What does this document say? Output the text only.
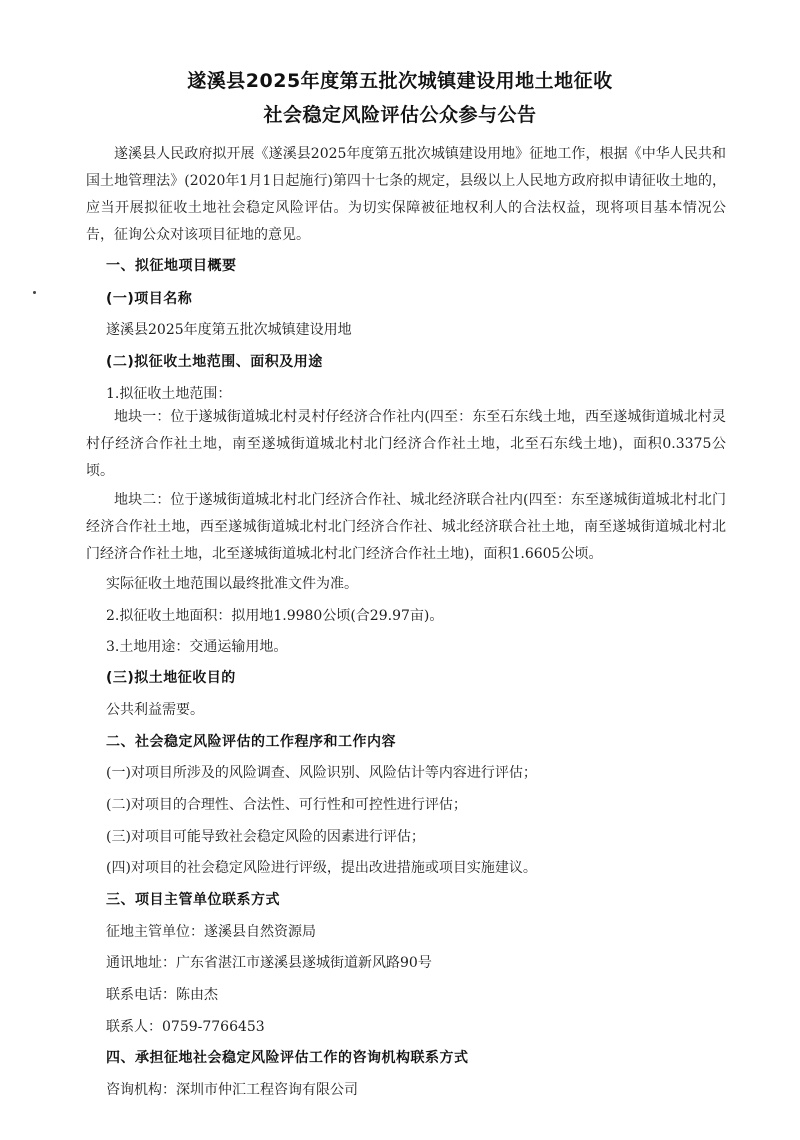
遂溪县2025年度第五批次城镇建设用地土地征收
社会稳定风险评估公众参与公告

遂溪县人民政府拟开展《遂溪县2025年度第五批次城镇建设用地》征地工作，根据《中华人民共和国土地管理法》(2020年1月1日起施行)第四十七条的规定，县级以上人民地方政府拟申请征收土地的，应当开展拟征收土地社会稳定风险评估。为切实保障被征地权利人的合法权益，现将项目基本情况公告，征询公众对该项目征地的意见。

一、拟征地项目概要
(一)项目名称
遂溪县2025年度第五批次城镇建设用地
(二)拟征收土地范围、面积及用途
1.拟征收土地范围：

地块一：位于遂城街道城北村灵村仔经济合作社内(四至：东至石东线土地，西至遂城街道城北村灵村仔经济合作社土地，南至遂城街道城北村北门经济合作社土地，北至石东线土地)，面积0.3375公顷。

地块二：位于遂城街道城北村北门经济合作社、城北经济联合社内(四至：东至遂城街道城北村北门经济合作社土地，西至遂城街道城北村北门经济合作社、城北经济联合社土地，南至遂城街道城北村北门经济合作社土地，北至遂城街道城北村北门经济合作社土地)，面积1.6605公顷。

实际征收土地范围以最终批准文件为准。
2.拟征收土地面积：拟用地1.9980公顷(合29.97亩)。
3.土地用途：交通运输用地。
(三)拟土地征收目的
公共利益需要。
二、社会稳定风险评估的工作程序和工作内容
(一)对项目所涉及的风险调查、风险识别、风险估计等内容进行评估；
(二)对项目的合理性、合法性、可行性和可控性进行评估；
(三)对项目可能导致社会稳定风险的因素进行评估；
(四)对项目的社会稳定风险进行评级，提出改进措施或项目实施建议。
三、项目主管单位联系方式
征地主管单位：遂溪县自然资源局
通讯地址：广东省湛江市遂溪县遂城街道新风路90号
联系电话：陈由杰
联系人：0759-7766453
四、承担征地社会稳定风险评估工作的咨询机构联系方式
咨询机构：深圳市仲汇工程咨询有限公司
